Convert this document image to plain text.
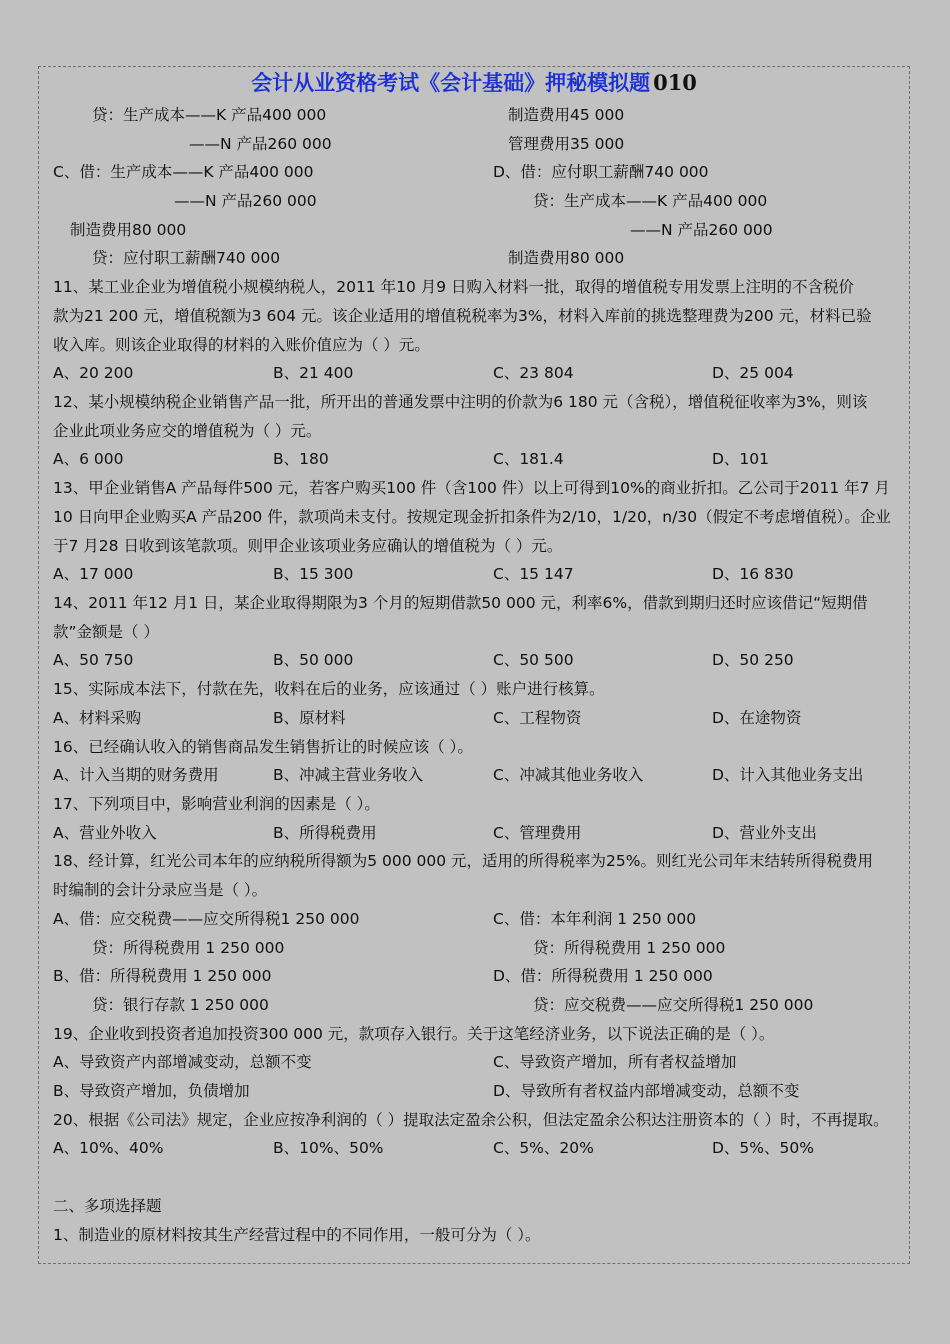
会计从业资格考试《会计基础》押秘模拟题 010
贷：生产成本——K 产品400 000	制造费用45 000
——N 产品260 000	管理费用35 000
C、借：生产成本——K 产品400 000	D、借：应付职工薪酬740 000
——N 产品260 000	贷：生产成本——K 产品400 000
制造费用80 000	——N 产品260 000
贷：应付职工薪酬740 000	制造费用80 000
11、某工业企业为增值税小规模纳税人，2011 年10 月9 日购入材料一批，取得的增值税专用发票上注明的不含税价
款为21 200 元，增值税额为3 604 元。该企业适用的增值税税率为3%，材料入库前的挑选整理费为200 元，材料已验
收入库。则该企业取得的材料的入账价值应为（ ）元。
A、20 200	B、21 400	C、23 804	D、25 004
12、某小规模纳税企业销售产品一批，所开出的普通发票中注明的价款为6 180 元（含税），增值税征收率为3%，则该
企业此项业务应交的增值税为（ ）元。
A、6 000	B、180	C、181.4	D、101
13、甲企业销售A 产品每件500 元，若客户购买100 件（含100 件）以上可得到10%的商业折扣。乙公司于2011 年7 月
10 日向甲企业购买A 产品200 件，款项尚未支付。按规定现金折扣条件为2/10，1/20，n/30（假定不考虑增值税）。企业
于7 月28 日收到该笔款项。则甲企业该项业务应确认的增值税为（ ）元。
A、17 000	B、15 300	C、15 147	D、16 830
14、2011 年12 月1 日，某企业取得期限为3 个月的短期借款50 000 元，利率6%，借款到期归还时应该借记“短期借
款”金额是（ ）
A、50 750	B、50 000	C、50 500	D、50 250
15、实际成本法下，付款在先，收料在后的业务，应该通过（ ）账户进行核算。
A、材料采购	B、原材料	C、工程物资	D、在途物资
16、已经确认收入的销售商品发生销售折让的时候应该（ ）。
A、计入当期的财务费用	B、冲减主营业务收入	C、冲减其他业务收入	D、计入其他业务支出
17、下列项目中，影响营业利润的因素是（ ）。
A、营业外收入	B、所得税费用	C、管理费用	D、营业外支出
18、经计算，红光公司本年的应纳税所得额为5 000 000 元，适用的所得税率为25%。则红光公司年末结转所得税费用
时编制的会计分录应当是（ ）。
A、借：应交税费——应交所得税1 250 000	C、借：本年利润 1 250 000
贷：所得税费用 1 250 000	贷：所得税费用 1 250 000
B、借：所得税费用 1 250 000	D、借：所得税费用 1 250 000
贷：银行存款 1 250 000	贷：应交税费——应交所得税1 250 000
19、企业收到投资者追加投资300 000 元，款项存入银行。关于这笔经济业务，以下说法正确的是（ ）。
A、导致资产内部增减变动，总额不变	C、导致资产增加，所有者权益增加
B、导致资产增加，负债增加	D、导致所有者权益内部增减变动，总额不变
20、根据《公司法》规定，企业应按净利润的（ ）提取法定盈余公积，但法定盈余公积达注册资本的（ ）时，不再提取。
A、10%、40%	B、10%、50%	C、5%、20%	D、5%、50%
二、多项选择题
1、制造业的原材料按其生产经营过程中的不同作用，一般可分为（ ）。
